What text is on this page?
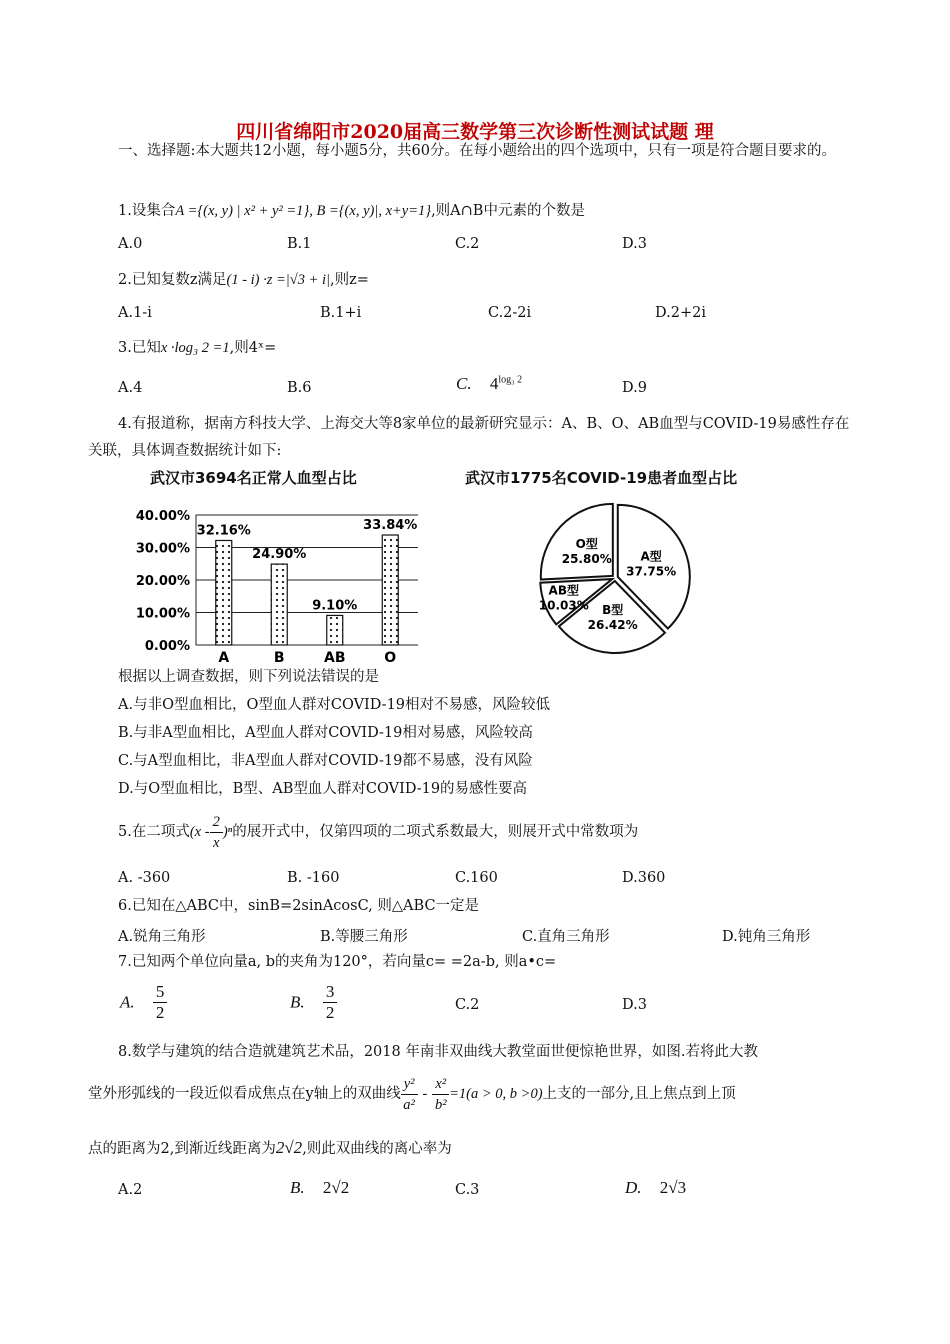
四川省绵阳市2020届高三数学第三次诊断性测试试题 理
一、选择题:本大题共12小题，每小题5分，共60分。在每小题给出的四个选项中，只有一项是符合题目要求的。
1.设集合A ={(x, y) | x² + y² =1}, B ={(x, y)|, x+y=1},则A∩B中元素的个数是
A.0	B.1	C.2	D.3
2.已知复数z满足(1 - i) ·z =|√3 + i|,则z=
A.1-i	B.1+i	C.2-2i	D.2+2i
3.已知x ·log₃ 2 =1,则4ˣ=
A.4	B.6	C. $4^{log_3 2}$
D.9
4.有报道称，据南方科技大学、上海交大等8家单位的最新研究显示：A、B、O、AB血型与COVID-19易感性存在关联，具体调查数据统计如下:
武汉市3694名正常人血型占比	武汉市1775名COVID-19患者血型占比
40.00%
30.00%
20.00%
10.00%
0.00%
32.16%
A
24.90%
B
9.10%
AB
33.84%
O
A型
37.75%
B型
26.42%
AB型
10.03%
O型
25.80%
根据以上调查数据，则下列说法错误的是
A.与非O型血相比，O型血人群对COVID-19相对不易感，风险较低
B.与非A型血相比，A型血人群对COVID-19相对易感，风险较高
C.与A型血相比，非A型血人群对COVID-19都不易感，没有风险
D.与O型血相比，B型、AB型血人群对COVID-19的易感性要高
5.在二项式$(x - \frac{2}{x} )^n$的展开式中，仅第四项的二项式系数最大，则展开式中常数项为
A. -360	B. -160	C.160	D.360
6.已知在△ABC中，sinB=2sinAcosC, 则△ABC一定是
A.锐角三角形	B.等腰三角形	C.直角三角形	D.钝角三角形
7.已知两个单位向量a, b的夹角为120°，若向量c= =2a-b, 则a•c=
A. $\frac{5}{2}$	B. $\frac{3}{2}$	C.2	D.3
8.数学与建筑的结合造就建筑艺术品，2018 年南非双曲线大教堂面世便惊艳世界，如图.若将此大教
堂外形弧线的一段近似看成焦点在y轴上的双曲线 $\frac{\text{y²}}{\text{a²}} - \frac{\text{x²}}{\text{b²}} =1(a > 0$, b >0)上支的一部分,且上焦点到上顶
点的距离为2,到渐近线距离为2√2,则此双曲线的离心率为
A.2	B. 2√2	C.3	D. 2√3
